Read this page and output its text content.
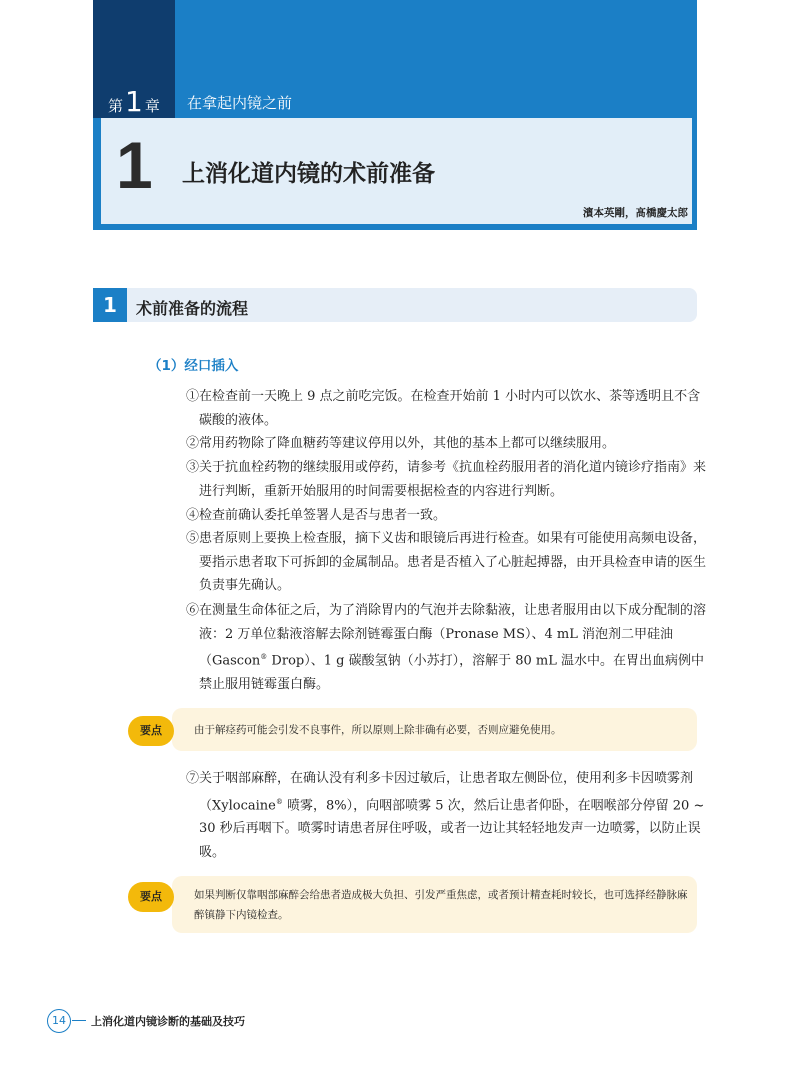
第 1 章 在拿起内镜之前
1 上消化道内镜的术前准备
濱本英剛，髙橋慶太郎
1	术前准备的流程
（1）经口插入
①在检查前一天晚上 9 点之前吃完饭。在检查开始前 1 小时内可以饮水、茶等透明且不含碳酸的液体。
②常用药物除了降血糖药等建议停用以外，其他的基本上都可以继续服用。
③关于抗血栓药物的继续服用或停药，请参考《抗血栓药服用者的消化道内镜诊疗指南》来进行判断，重新开始服用的时间需要根据检查的内容进行判断。
④检查前确认委托单签署人是否与患者一致。
⑤患者原则上要换上检查服，摘下义齿和眼镜后再进行检查。如果有可能使用高频电设备，要指示患者取下可拆卸的金属制品。患者是否植入了心脏起搏器，由开具检查申请的医生负责事先确认。
⑥在测量生命体征之后，为了消除胃内的气泡并去除黏液，让患者服用由以下成分配制的溶液：2 万单位黏液溶解去除剂链霉蛋白酶（Pronase MS）、4 mL 消泡剂二甲硅油（Gascon® Drop）、1 g 碳酸氢钠（小苏打），溶解于 80 mL 温水中。在胃出血病例中禁止服用链霉蛋白酶。
由于解痉药可能会引发不良事件，所以原则上除非确有必要，否则应避免使用。
要点
⑦关于咽部麻醉，在确认没有利多卡因过敏后，让患者取左侧卧位，使用利多卡因喷雾剂（Xylocaine® 喷雾，8%），向咽部喷雾 5 次，然后让患者仰卧，在咽喉部分停留 20 ~ 30 秒后再咽下。喷雾时请患者屏住呼吸，或者一边让其轻轻地发声一边喷雾，以防止误吸。
如果判断仅靠咽部麻醉会给患者造成极大负担、引发严重焦虑，或者预计精查耗时较长，也可选择经静脉麻醉镇静下内镜检查。
要点
14	上消化道内镜诊断的基础及技巧
